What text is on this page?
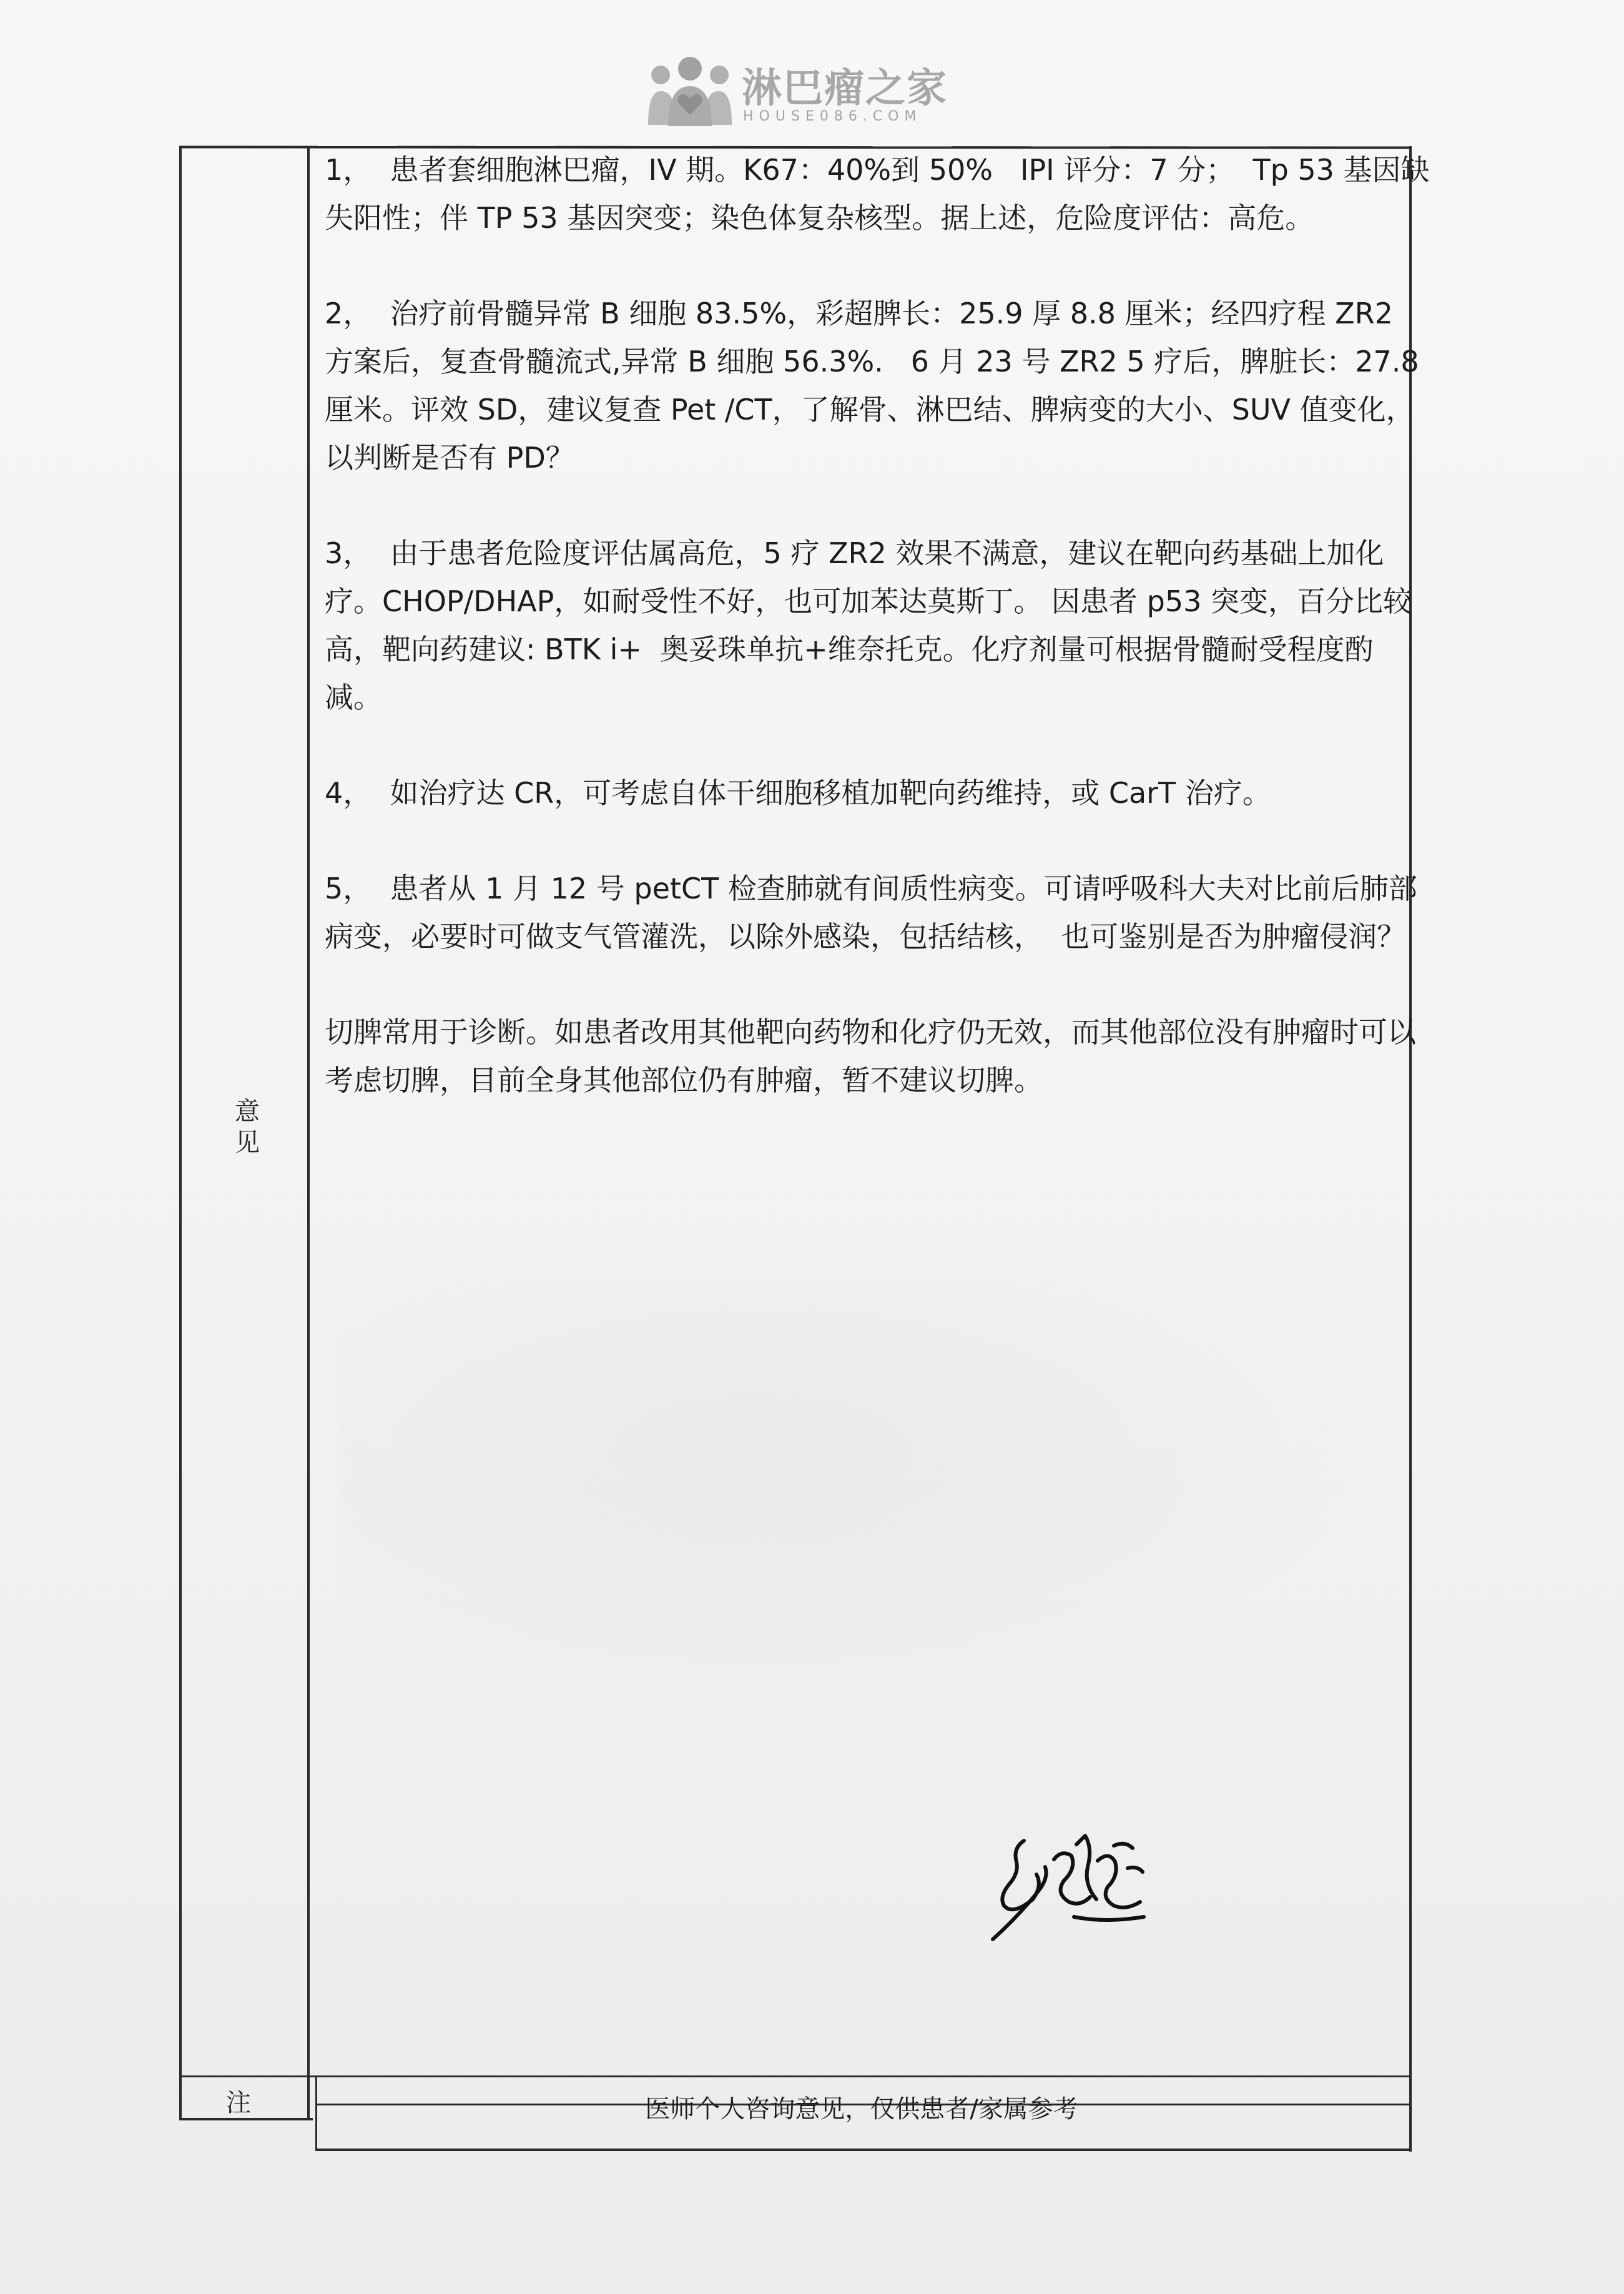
淋巴瘤之家
HOUSE086.COM
意
见

1，  患者套细胞淋巴瘤，IV 期。K67：40%到 50%   IPI 评分：7 分；  Tp 53 基因缺失阳性；伴 TP 53 基因突变；染色体复杂核型。据上述，危险度评估：高危。

2，  治疗前骨髓异常 B 细胞 83.5%，彩超脾长：25.9 厚 8.8 厘米；经四疗程 ZR2 方案后，复查骨髓流式,异常 B 细胞 56.3%.   6 月 23 号 ZR2 5 疗后，脾脏长：27.8 厘米。评效 SD，建议复查 Pet /CT，了解骨、淋巴结、脾病变的大小、SUV 值变化，以判断是否有 PD？

3，  由于患者危险度评估属高危，5 疗 ZR2 效果不满意，建议在靶向药基础上加化疗。CHOP/DHAP，如耐受性不好，也可加苯达莫斯丁。 因患者 p53 突变，百分比较高，靶向药建议: BTK i+  奥妥珠单抗+维奈托克。化疗剂量可根据骨髓耐受程度酌减。

4，  如治疗达 CR，可考虑自体干细胞移植加靶向药维持，或 CarT 治疗。

5，  患者从 1 月 12 号 petCT 检查肺就有间质性病变。可请呼吸科大夫对比前后肺部病变，必要时可做支气管灌洗，以除外感染，包括结核，  也可鉴别是否为肿瘤侵润？

切脾常用于诊断。如患者改用其他靶向药物和化疗仍无效，而其他部位没有肿瘤时可以考虑切脾，目前全身其他部位仍有肿瘤，暂不建议切脾。

注	医师个人咨询意见，仅供患者/家属参考
